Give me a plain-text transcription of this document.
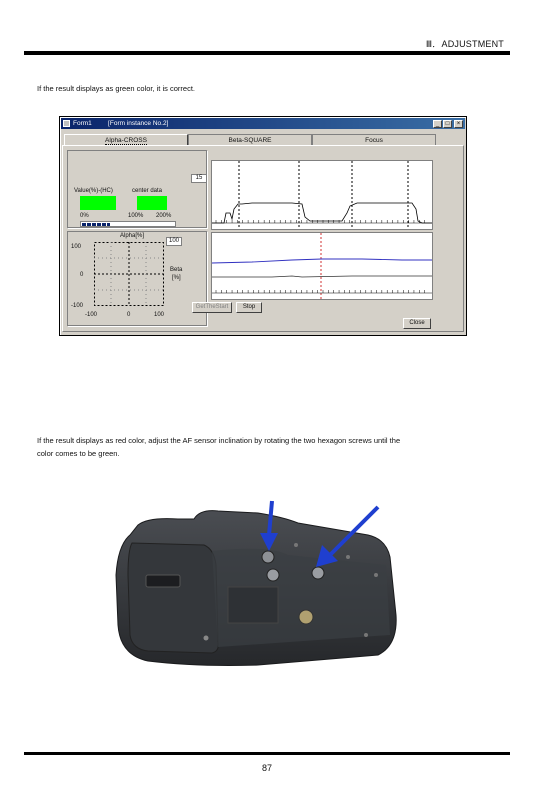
Ⅲ．ADJUSTMENT
If the result displays as green color, it is correct.
Form1	[Form instance No.2]	_	□	×
Alpha-CROSS	Beta-SQUARE	Focus
Value(%)-(HC)	center data
0%	100% 200%
15
Alpha[%]
100
100
0
-100
Beta
[%]
-100	0	100
GetTheStart	Stop
Close
If the result displays as red color, adjust the AF sensor inclination by rotating the two hexagon screws until the
color comes to be green.
87
